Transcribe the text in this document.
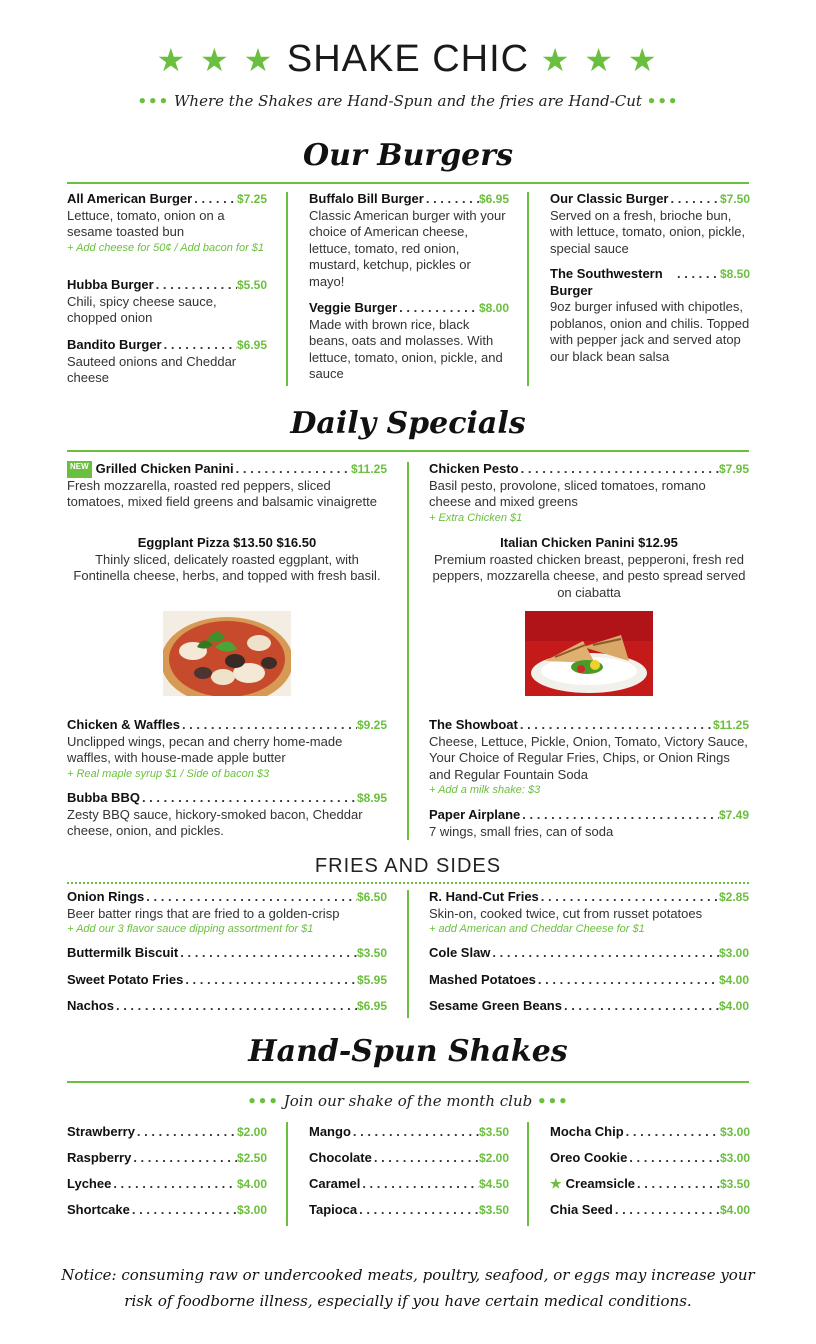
★ ★ ★ SHAKE CHIC ★ ★ ★
••• Where the Shakes are Hand-Spun and the fries are Hand-Cut •••
Our Burgers
All American Burger . . .	$7.25
Lettuce, tomato, onion on a sesame toasted bun
+ Add cheese for 50¢ / Add bacon for $1
Hubba Burger . . .	$5.50
Chili, spicy cheese sauce, chopped onion
Bandito Burger . . .	$6.95
Sauteed onions and Cheddar cheese
Buffalo Bill Burger . . .	$6.95
Classic American burger with your choice of American cheese, lettuce, tomato, red onion, mustard, ketchup, pickles or mayo!
Veggie Burger . . .	$8.00
Made with brown rice, black beans, oats and molasses. With lettuce, tomato, onion, pickle, and sauce
Our Classic Burger . . .	$7.50
Served on a fresh, brioche bun, with lettuce, tomato, onion, pickle, special sauce
The Southwestern Burger
. . .
$8.50
9oz burger infused with chipotles, poblanos, onion and chilis. Topped with pepper jack and served atop our black bean salsa
Daily Specials
NEW Grilled Chicken Panini . . .	$11.25
Fresh mozzarella, roasted red peppers, sliced tomatoes, mixed field greens and balsamic vinaigrette
Chicken Pesto . . .	$7.95
Basil pesto, provolone, sliced tomatoes, romano cheese and mixed greens
+ Extra Chicken $1
Eggplant Pizza $13.50 $16.50
Thinly sliced, delicately roasted eggplant, with Fontinella cheese, herbs, and topped with fresh basil.
Italian Chicken Panini $12.95
Premium roasted chicken breast, pepperoni, fresh red peppers, mozzarella cheese, and pesto spread served on ciabatta
Chicken & Waffles . . .	$9.25
Unclipped wings, pecan and cherry home-made waffles, with house-made apple butter
+ Real maple syrup $1 / Side of bacon $3
Bubba BBQ . . .	$8.95
Zesty BBQ sauce, hickory-smoked bacon, Cheddar cheese, onion, and pickles.
The Showboat . . .	$11.25
Cheese, Lettuce, Pickle, Onion, Tomato, Victory Sauce, Your Choice of Regular Fries, Chips, or Onion Rings and Regular Fountain Soda
+ Add a milk shake: $3
Paper Airplane . . .	$7.49
7 wings, small fries, can of soda
FRIES AND SIDES
Onion Rings . . .	$6.50
Beer batter rings that are fried to a golden-crisp
+ Add our 3 flavor sauce dipping assortment for $1
R. Hand-Cut Fries . . .	$2.85
Skin-on, cooked twice, cut from russet potatoes
+ add American and Cheddar Cheese for $1
Buttermilk Biscuit . . .	$3.50
Sweet Potato Fries . . .	$5.95
Nachos . . .	$6.95
Cole Slaw . . .	$3.00
Mashed Potatoes . . .	$4.00
Sesame Green Beans . . .	$4.00
Hand-Spun Shakes
••• Join our shake of the month club •••
Strawberry . . .	$2.00
Raspberry . . .	$2.50
Lychee . . .	$4.00
Shortcake . . .	$3.00
Mango . . .	$3.50
Chocolate . . .	$2.00
Caramel . . .	$4.50
Tapioca . . .	$3.50
Mocha Chip . . .	$3.00
Oreo Cookie . . .	$3.00
★ Creamsicle . . .	$3.50
Chia Seed . . .	$4.00
Notice: consuming raw or undercooked meats, poultry, seafood, or eggs may increase your risk of foodborne illness, especially if you have certain medical conditions.
